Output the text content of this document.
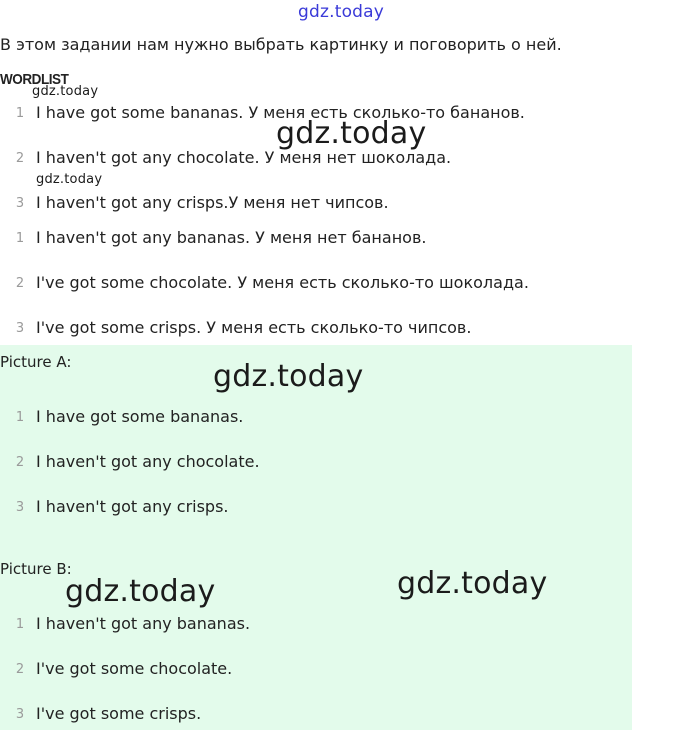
gdz.today
В этом задании нам нужно выбрать картинку и поговорить о ней.
WORDLIST
gdz.today
1 I have got some bananas. У меня есть сколько-то бананов.
gdz.today
2 I haven't got any chocolate. У меня нет шоколада.
gdz.today
3 I haven't got any crisps.У меня нет чипсов.
1 I haven't got any bananas. У меня нет бананов.
2 I've got some chocolate. У меня есть сколько-то шоколада.
3 I've got some crisps. У меня есть сколько-то чипсов.
Picture A:	gdz.today
1 I have got some bananas.
2 I haven't got any chocolate.
3 I haven't got any crisps.
Picture B:
gdz.today	gdz.today
1 I haven't got any bananas.
2 I've got some chocolate.
3 I've got some crisps.
